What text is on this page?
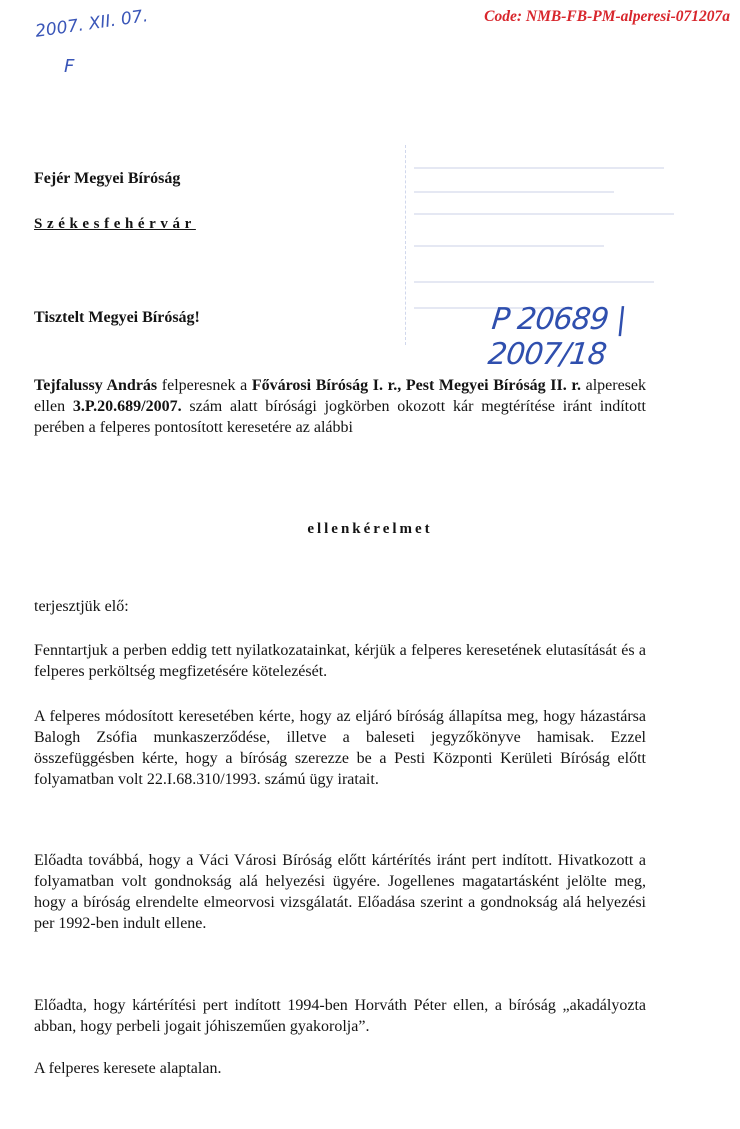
Code: NMB-FB-PM-alperesi-071207a
2007. XII. 07.
F
Fejér Megyei Bíróság
Székesfehérvár
Tisztelt Megyei Bíróság!	P 20689 | 2007/18
Tejfalussy András felperesnek a Fővárosi Bíróság I. r., Pest Megyei Bíróság II. r. alperesek ellen 3.P.20.689/2007. szám alatt bírósági jogkörben okozott kár megtérítése iránt indított perében a felperes pontosított keresetére az alábbi
ellenkérelmet
terjesztjük elő:
Fenntartjuk a perben eddig tett nyilatkozatainkat, kérjük a felperes keresetének elutasítását és a felperes perköltség megfizetésére kötelezését.
A felperes módosított keresetében kérte, hogy az eljáró bíróság állapítsa meg, hogy házastársa Balogh Zsófia munkaszerződése, illetve a baleseti jegyzőkönyve hamisak. Ezzel összefüggésben kérte, hogy a bíróság szerezze be a Pesti Központi Kerületi Bíróság előtt folyamatban volt 22.I.68.310/1993. számú ügy iratait.
Előadta továbbá, hogy a Váci Városi Bíróság előtt kártérítés iránt pert indított. Hivatkozott a folyamatban volt gondnokság alá helyezési ügyére. Jogellenes magatartásként jelölte meg, hogy a bíróság elrendelte elmeorvosi vizsgálatát. Előadása szerint a gondnokság alá helyezési per 1992-ben indult ellene.
Előadta, hogy kártérítési pert indított 1994-ben Horváth Péter ellen, a bíróság „akadályozta abban, hogy perbeli jogait jóhiszeműen gyakorolja”.
A felperes keresete alaptalan.
